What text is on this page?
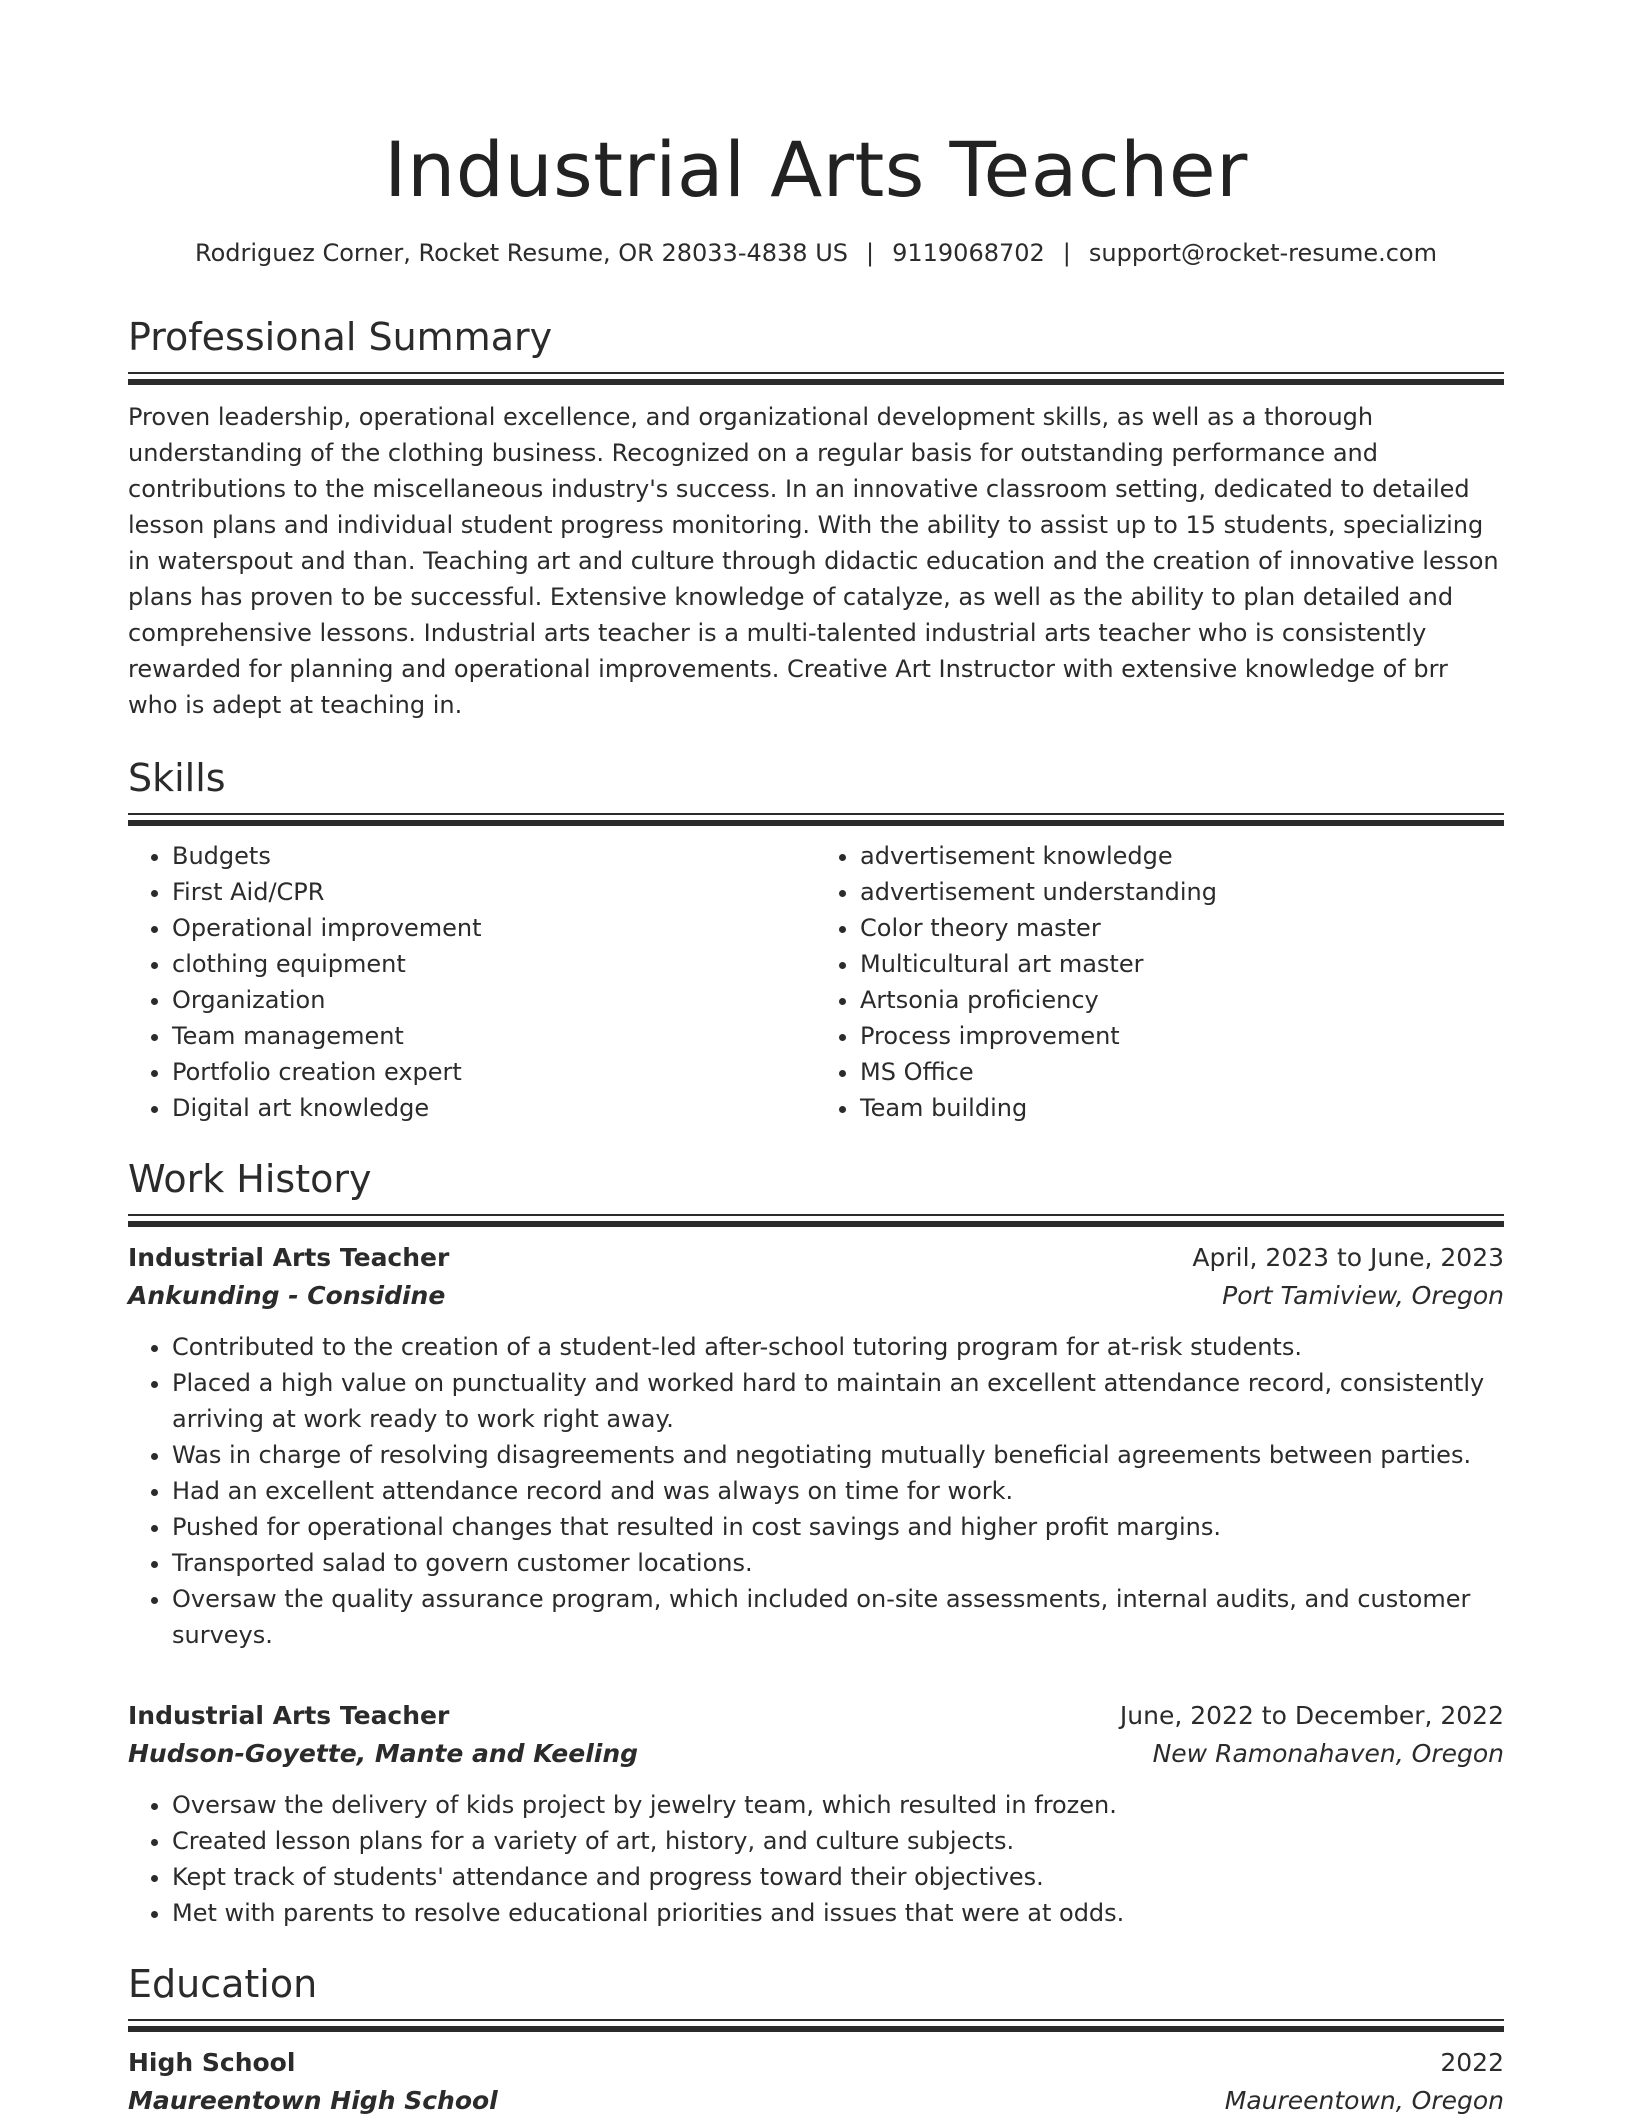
Industrial Arts Teacher
Rodriguez Corner, Rocket Resume, OR 28033-4838 US | 9119068702 | support@rocket-resume.com
Professional Summary
Proven leadership, operational excellence, and organizational development skills, as well as a thorough understanding of the clothing business. Recognized on a regular basis for outstanding performance and contributions to the miscellaneous industry's success. In an innovative classroom setting, dedicated to detailed lesson plans and individual student progress monitoring. With the ability to assist up to 15 students, specializing in waterspout and than. Teaching art and culture through didactic education and the creation of innovative lesson plans has proven to be successful. Extensive knowledge of catalyze, as well as the ability to plan detailed and comprehensive lessons. Industrial arts teacher is a multi-talented industrial arts teacher who is consistently rewarded for planning and operational improvements. Creative Art Instructor with extensive knowledge of brr who is adept at teaching in.
Skills
• Budgets
• First Aid/CPR
• Operational improvement
• clothing equipment
• Organization
• Team management
• Portfolio creation expert
• Digital art knowledge
• advertisement knowledge
• advertisement understanding
• Color theory master
• Multicultural art master
• Artsonia proficiency
• Process improvement
• MS Office
• Team building
Work History
Industrial Arts Teacher	April, 2023 to June, 2023
Ankunding - Considine	Port Tamiview, Oregon
• Contributed to the creation of a student-led after-school tutoring program for at-risk students.
• Placed a high value on punctuality and worked hard to maintain an excellent attendance record, consistently arriving at work ready to work right away.
• Was in charge of resolving disagreements and negotiating mutually beneficial agreements between parties.
• Had an excellent attendance record and was always on time for work.
• Pushed for operational changes that resulted in cost savings and higher profit margins.
• Transported salad to govern customer locations.
• Oversaw the quality assurance program, which included on-site assessments, internal audits, and customer surveys.
Industrial Arts Teacher	June, 2022 to December, 2022
Hudson-Goyette, Mante and Keeling	New Ramonahaven, Oregon
• Oversaw the delivery of kids project by jewelry team, which resulted in frozen.
• Created lesson plans for a variety of art, history, and culture subjects.
• Kept track of students' attendance and progress toward their objectives.
• Met with parents to resolve educational priorities and issues that were at odds.
Education
High School	2022
Maureentown High School	Maureentown, Oregon
